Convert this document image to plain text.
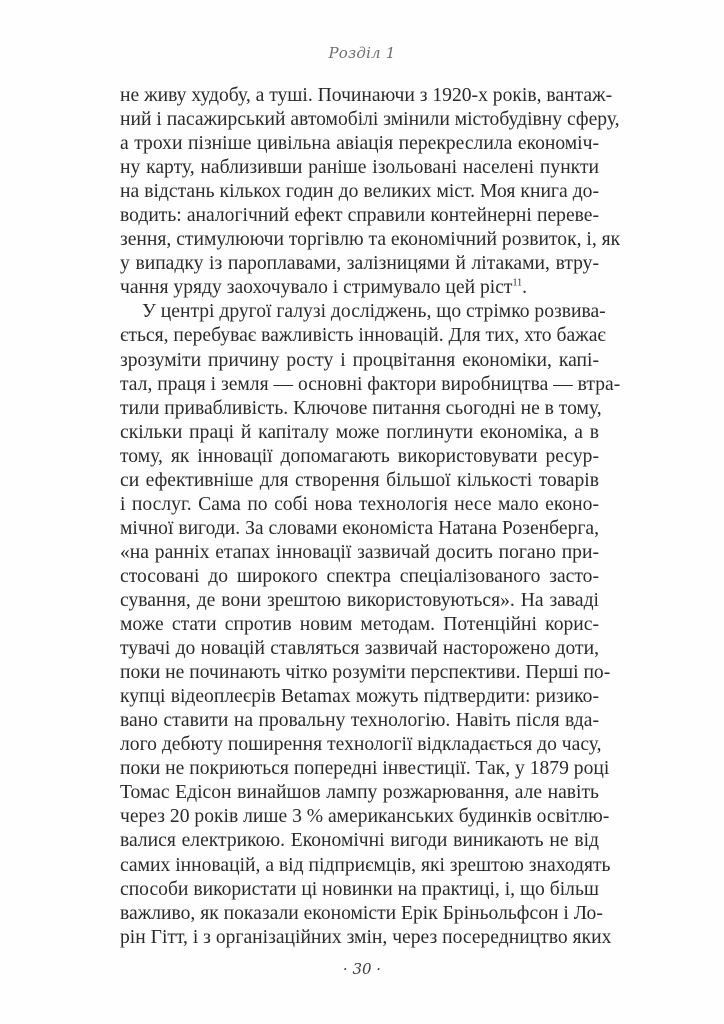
Розділ 1
не живу худобу, а туші. Починаючи з 1920-х років, вантаж-
ний і пасажирський автомобілі змінили містобудівну сферу,
а трохи пізніше цивільна авіація перекреслила економіч-
ну карту, наблизивши раніше ізольовані населені пункти
на відстань кількох годин до великих міст. Моя книга до-
водить: аналогічний ефект справили контейнерні переве-
зення, стимулюючи торгівлю та економічний розвиток, і, як
у випадку із пароплавами, залізницями й літаками, втру-
чання уряду заохочувало і стримувало цей ріст$^{11}$.
У центрі другої галузі досліджень, що стрімко розвива-
ється, перебуває важливість інновацій. Для тих, хто бажає
зрозуміти причину росту і процвітання економіки, капі-
тал, праця і земля — основні фактори виробництва — втра-
тили привабливість. Ключове питання сьогодні не в тому,
скільки праці й капіталу може поглинути економіка, а в
тому, як інновації допомагають використовувати ресур-
си ефективніше для створення більшої кількості товарів
і послуг. Сама по собі нова технологія несе мало еконо-
мічної вигоди. За словами економіста Натана Розенберга,
«на ранніх етапах інновації зазвичай досить погано при-
стосовані до широкого спектра спеціалізованого засто-
сування, де вони зрештою використовуються». На заваді
може стати спротив новим методам. Потенційні корис-
тувачі до новацій ставляться зазвичай насторожено доти,
поки не починають чітко розуміти перспективи. Перші по-
купці відеоплеєрів Betamax можуть підтвердити: ризико-
вано ставити на провальну технологію. Навіть після вда-
лого дебюту поширення технології відкладається до часу,
поки не покриються попередні інвестиції. Так, у 1879 році
Томас Едісон винайшов лампу розжарювання, але навіть
через 20 років лише 3 % американських будинків освітлю-
валися електрикою. Економічні вигоди виникають не від
самих інновацій, а від підприємців, які зрештою знаходять
способи використати ці новинки на практиці, і, що більш
важливо, як показали економісти Ерік Бріньольфсон і Ло-
рін Гітт, і з організаційних змін, через посередництво яких
· 30 ·
